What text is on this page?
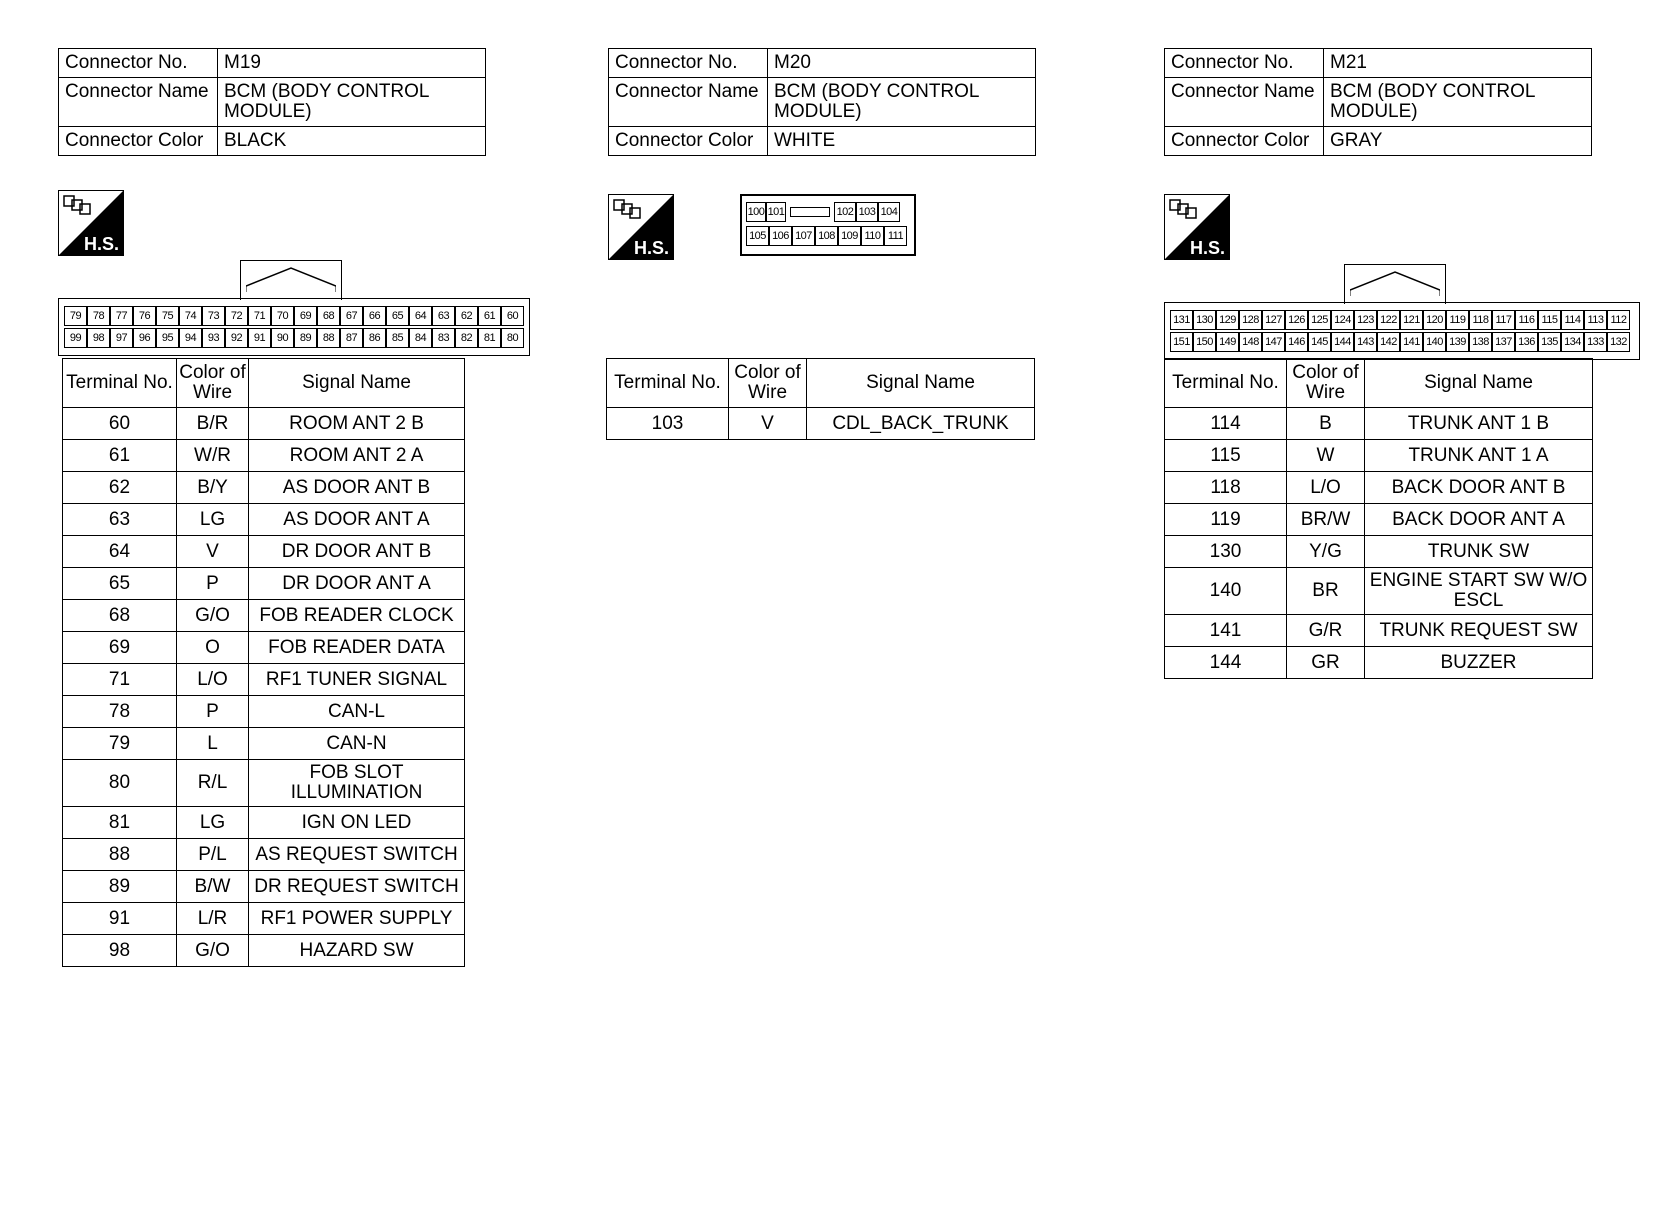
Connector No.	M19
Connector Name	BCM (BODY CONTROL MODULE)
Connector Color	BLACK
H.S.
79	78	77	76	75	74	73	72	71	70	69	68	67	66	65	64	63	62	61	60
99	98	97	96	95	94	93	92	91	90	89	88	87	86	85	84	83	82	81	80
Terminal No.	Color of Wire	Signal Name
60	B/R	ROOM ANT 2 B
61	W/R	ROOM ANT 2 A
62	B/Y	AS DOOR ANT B
63	LG	AS DOOR ANT A
64	V	DR DOOR ANT B
65	P	DR DOOR ANT A
68	G/O	FOB READER CLOCK
69	O	FOB READER DATA
71	L/O	RF1 TUNER SIGNAL
78	P	CAN-L
79	L	CAN-N
80	R/L	FOB SLOT ILLUMINATION
81	LG	IGN ON LED
88	P/L	AS REQUEST SWITCH
89	B/W	DR REQUEST SWITCH
91	L/R	RF1 POWER SUPPLY
98	G/O	HAZARD SW
Connector No.	M20
Connector Name	BCM (BODY CONTROL MODULE)
Connector Color	WHITE
H.S.
100 101	102 103 104
105 106 107 108 109 110 111
Terminal No.	Color of Wire	Signal Name
103	V	CDL_BACK_TRUNK
Connector No.	M21
Connector Name	BCM (BODY CONTROL MODULE)
Connector Color	GRAY
H.S.
131 130 129 128 127 126 125 124 123 122 121 120 119 118 117 116 115 114 113 112
151 150 149 148 147 146 145 144 143 142 141 140 139 138 137 136 135 134 133 132
Terminal No.	Color of Wire	Signal Name
114	B	TRUNK ANT 1 B
115	W	TRUNK ANT 1 A
118	L/O	BACK DOOR ANT B
119	BR/W	BACK DOOR ANT A
130	Y/G	TRUNK SW
140	BR	ENGINE START SW W/O ESCL
141	G/R	TRUNK REQUEST SW
144	GR	BUZZER
